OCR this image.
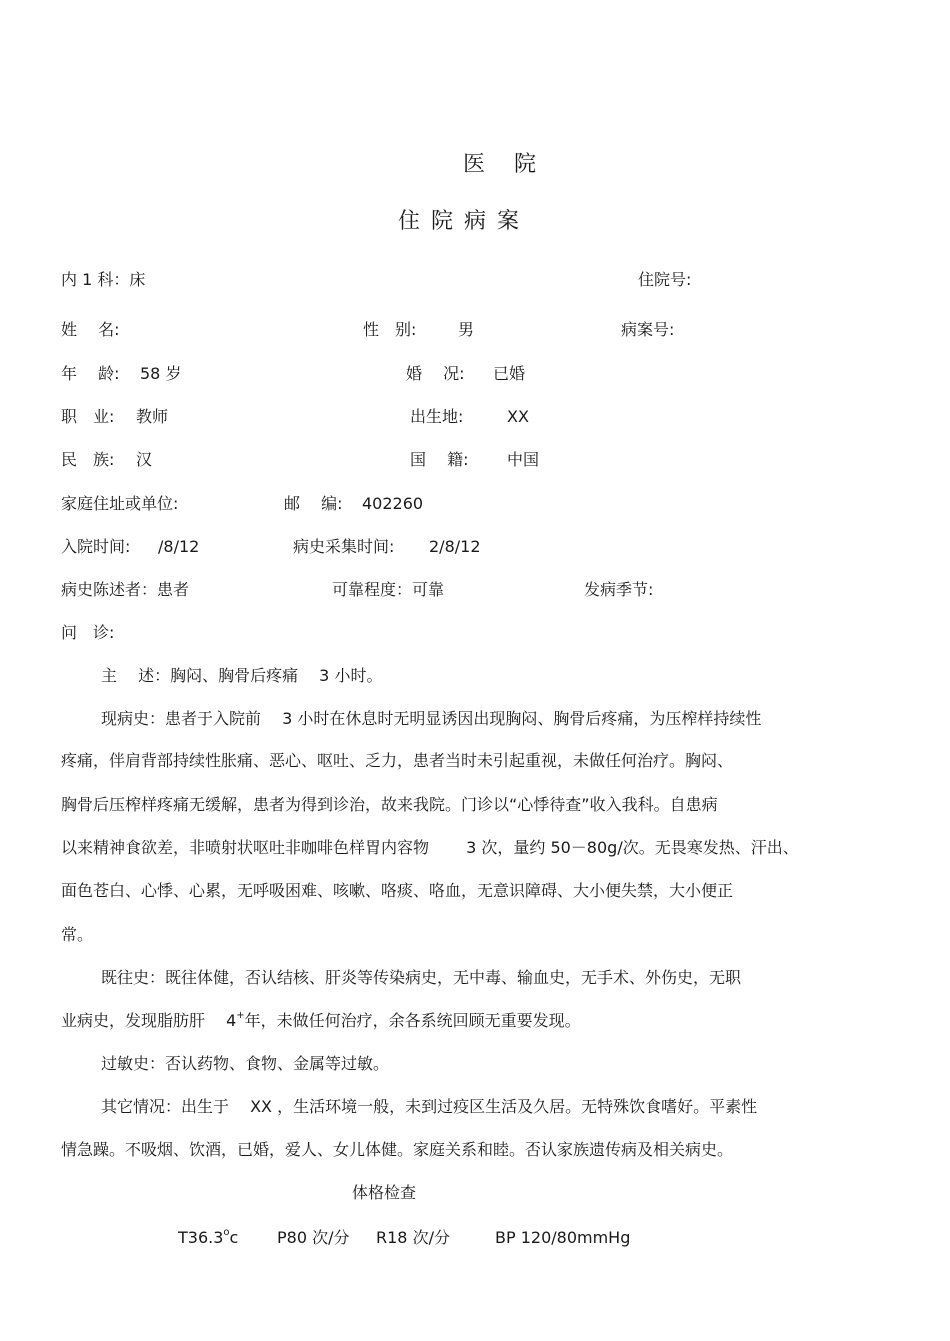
医 院
住院病案
内 1 科：床	住院号:
姓　 名:	性　别:	男	病案号:
年　 龄: 58 岁	婚　 况: 已婚
职　业: 教师	出生地:	XX
民　族: 汉	国　 籍: 中国
家庭住址或单位:	邮　 编: 402260
入院时间: /8/12	病史采集时间: 2/8/12
病史陈述者：患者	可靠程度：可靠	发病季节:
问　诊:
主　 述：胸闷、胸骨后疼痛　 3 小时。
现病史：患者于入院前　 3 小时在休息时无明显诱因出现胸闷、胸骨后疼痛，为压榨样持续性
疼痛，伴肩背部持续性胀痛、恶心、呕吐、乏力，患者当时未引起重视，未做任何治疗。胸闷、
胸骨后压榨样疼痛无缓解，患者为得到诊治，故来我院。门诊以“心悸待查”收入我科。自患病
以来精神食欲差，非喷射状呕吐非咖啡色样胃内容物　　 3 次，量约 50－80g/次。无畏寒发热、汗出、
面色苍白、心悸、心累，无呼吸困难、咳嗽、咯痰、咯血，无意识障碍、大小便失禁，大小便正
常。
既往史：既往体健，否认结核、肝炎等传染病史，无中毒、输血史，无手术、外伤史，无职
业病史，发现脂肪肝　 4+年，未做任何治疗，余各系统回顾无重要发现。
过敏史：否认药物、食物、金属等过敏。
其它情况：出生于　 XX ，生活环境一般，未到过疫区生活及久居。无特殊饮食嗜好。平素性
情急躁。不吸烟、饮酒，已婚，爱人、女儿体健。家庭关系和睦。否认家族遗传病及相关病史。
体格检查
T36.3$^o$c P80 次/分 R18 次/分	BP 120/80mmHg
